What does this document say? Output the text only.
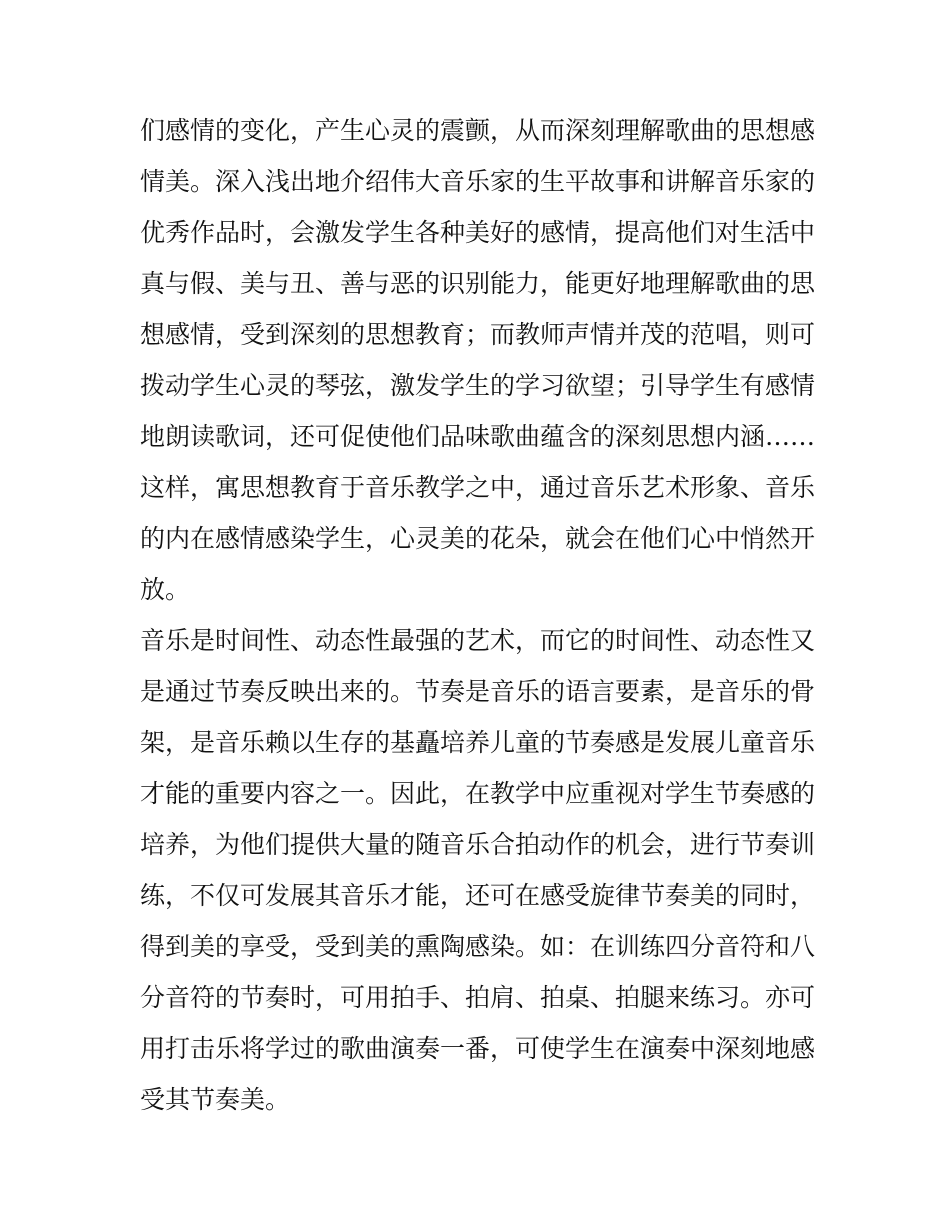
们感情的变化，产生心灵的震颤，从而深刻理解歌曲的思想感
情美。深入浅出地介绍伟大音乐家的生平故事和讲解音乐家的
优秀作品时，会激发学生各种美好的感情，提高他们对生活中
真与假、美与丑、善与恶的识别能力，能更好地理解歌曲的思
想感情，受到深刻的思想教育；而教师声情并茂的范唱，则可
拨动学生心灵的琴弦，激发学生的学习欲望；引导学生有感情
地朗读歌词，还可促使他们品味歌曲蕴含的深刻思想内涵……
这样，寓思想教育于音乐教学之中，通过音乐艺术形象、音乐
的内在感情感染学生，心灵美的花朵，就会在他们心中悄然开
放。
音乐是时间性、动态性最强的艺术，而它的时间性、动态性又
是通过节奏反映出来的。节奏是音乐的语言要素，是音乐的骨
架，是音乐赖以生存的基矗培养儿童的节奏感是发展儿童音乐
才能的重要内容之一。因此，在教学中应重视对学生节奏感的
培养，为他们提供大量的随音乐合拍动作的机会，进行节奏训
练，不仅可发展其音乐才能，还可在感受旋律节奏美的同时，
得到美的享受，受到美的熏陶感染。如：在训练四分音符和八
分音符的节奏时，可用拍手、拍肩、拍桌、拍腿来练习。亦可
用打击乐将学过的歌曲演奏一番，可使学生在演奏中深刻地感
受其节奏美。
